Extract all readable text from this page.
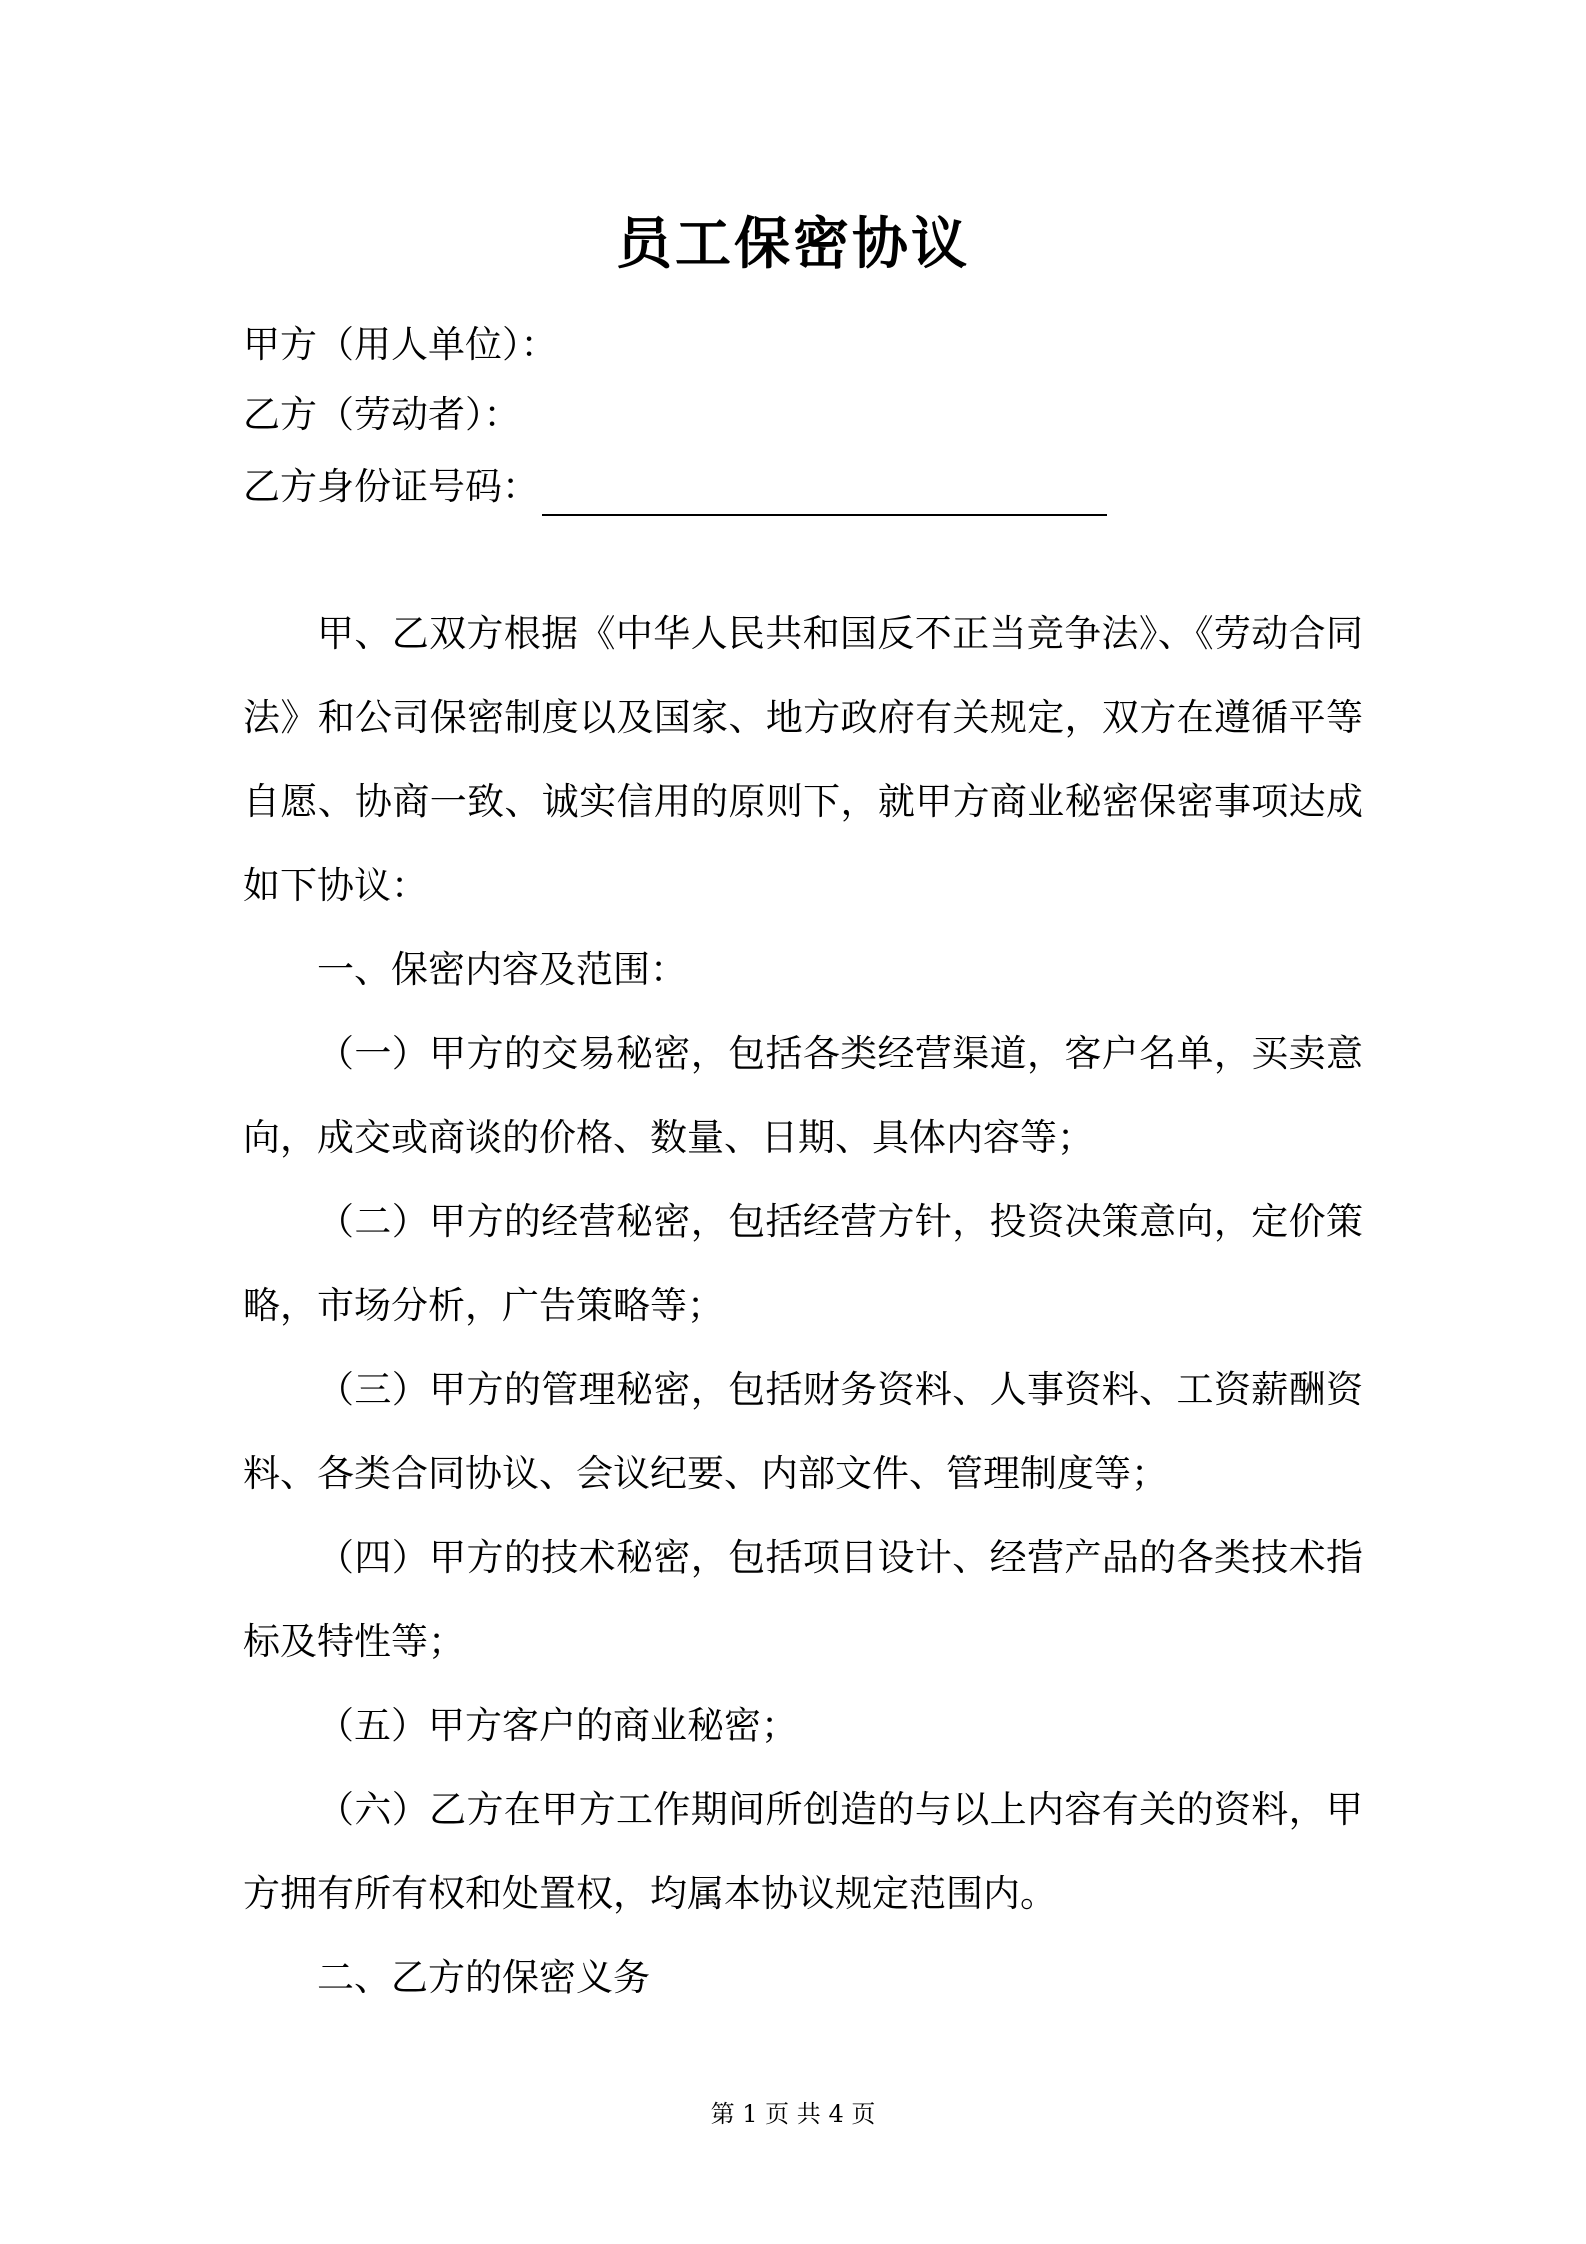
员工保密协议
甲方（用人单位）：
乙方（劳动者）：
乙方身份证号码：

甲、乙双方根据《中华人民共和国反不正当竞争法》、《劳动合同法》和公司保密制度以及国家、地方政府有关规定，双方在遵循平等自愿、协商一致、诚实信用的原则下，就甲方商业秘密保密事项达成如下协议：

一、保密内容及范围：

（一）甲方的交易秘密，包括各类经营渠道，客户名单，买卖意向，成交或商谈的价格、数量、日期、具体内容等；

（二）甲方的经营秘密，包括经营方针，投资决策意向，定价策略，市场分析，广告策略等；

（三）甲方的管理秘密，包括财务资料、人事资料、工资薪酬资料、各类合同协议、会议纪要、内部文件、管理制度等；

（四）甲方的技术秘密，包括项目设计、经营产品的各类技术指标及特性等；

（五）甲方客户的商业秘密；

（六）乙方在甲方工作期间所创造的与以上内容有关的资料，甲方拥有所有权和处置权，均属本协议规定范围内。

二、乙方的保密义务

第 1 页 共 4 页
